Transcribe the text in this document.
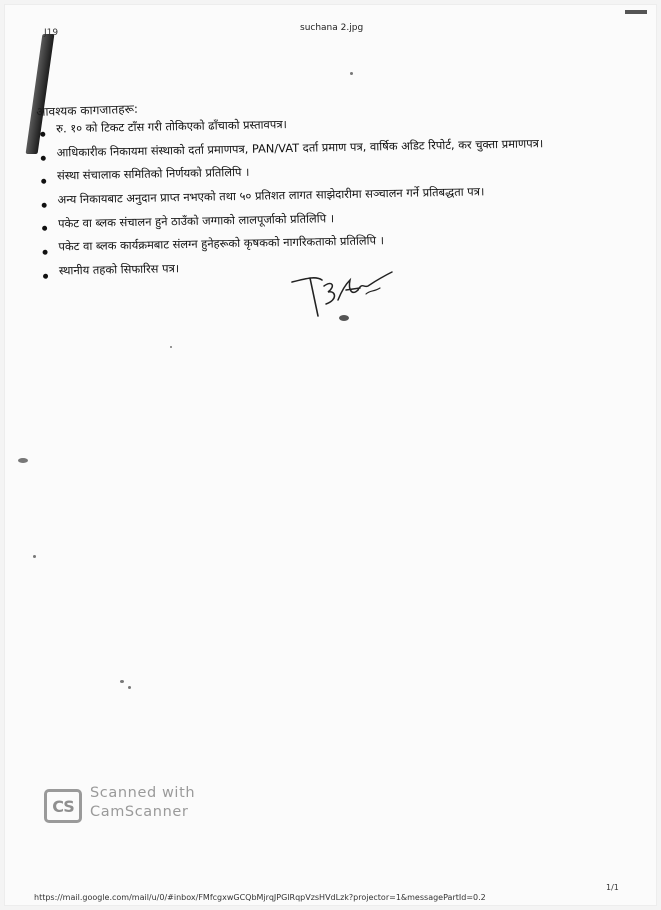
J19	suchana 2.jpg
आवश्यक कागजातहरू:
रु. १० को टिकट टाँस गरी तोकिएको ढाँचाको प्रस्तावपत्र।
आधिकारीक निकायमा संस्थाको दर्ता प्रमाणपत्र, PAN/VAT दर्ता प्रमाण पत्र, वार्षिक अडिट रिपोर्ट, कर चुक्ता प्रमाणपत्र।
संस्था संचालाक समितिको निर्णयको प्रतिलिपि ।
अन्य निकायबाट अनुदान प्राप्त नभएको तथा ५० प्रतिशत लागत साझेदारीमा सञ्चालन गर्ने प्रतिबद्धता पत्र।
पकेट वा ब्लक संचालन हुने ठाउँको जग्गाको लालपूर्जाको प्रतिलिपि ।
पकेट वा ब्लक कार्यक्रमबाट संलग्न हुनेहरूको कृषकको नागरिकताको प्रतिलिपि ।
स्थानीय तहको सिफारिस पत्र।
CS
Scanned with
CamScanner
https://mail.google.com/mail/u/0/#inbox/FMfcgxwGCQbMjrqJPGlRqpVzsHVdLzk?projector=1&messagePartId=0.2
1/1
